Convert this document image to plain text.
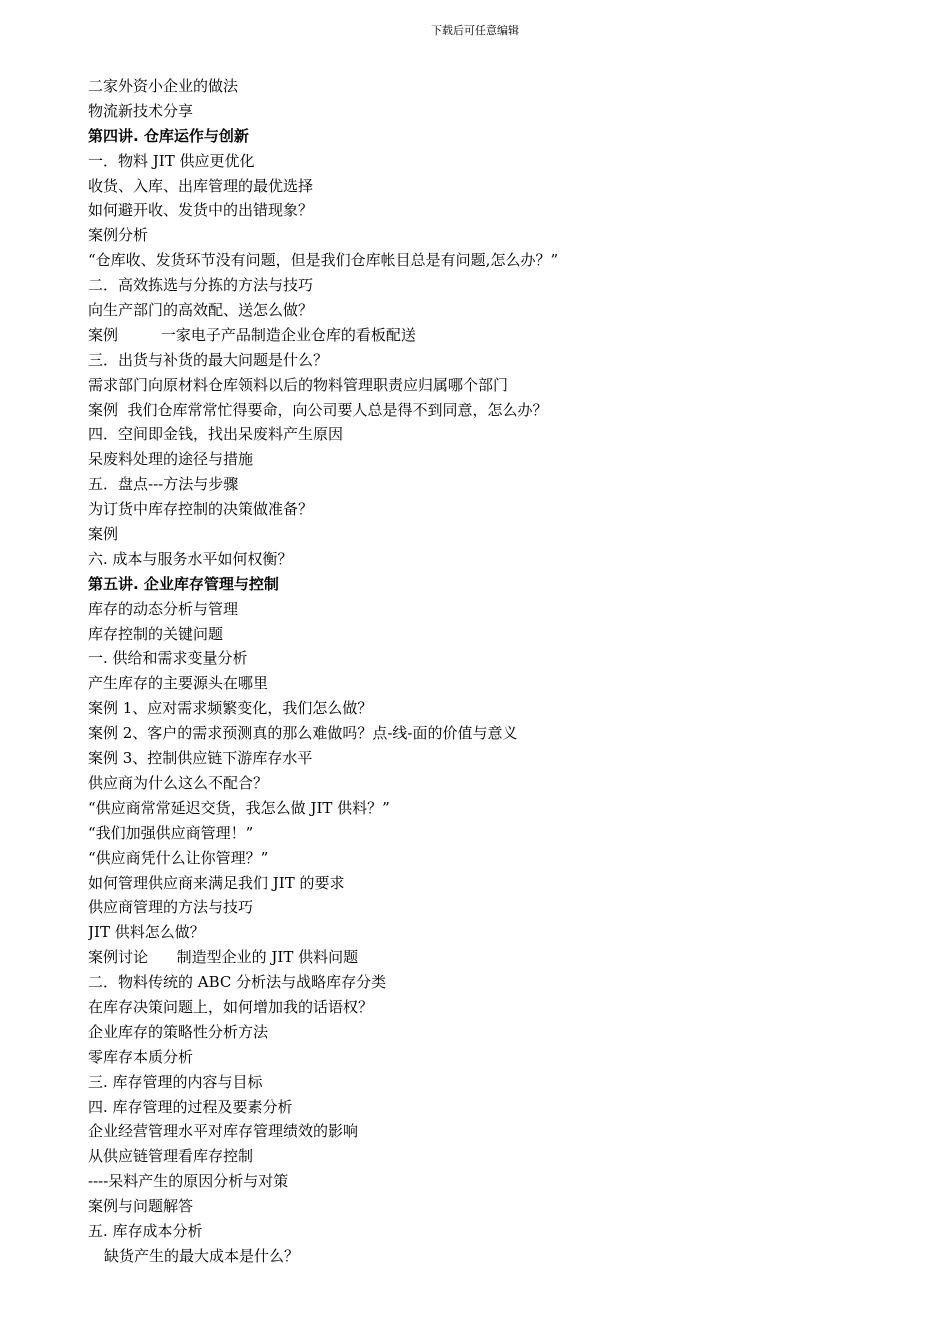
下载后可任意编辑
二家外资小企业的做法
物流新技术分享
第四讲. 仓库运作与创新
一．物料 JIT 供应更优化
收货、入库、出库管理的最优选择
如何避开收、发货中的出错现象？
案例分析
“仓库收、发货环节没有问题，但是我们仓库帐目总是有问题,怎么办？”
二．高效拣选与分拣的方法与技巧
向生产部门的高效配、送怎么做？
案例         一家电子产品制造企业仓库的看板配送
三．出货与补货的最大问题是什么？
需求部门向原材料仓库领料以后的物料管理职责应归属哪个部门
案例  我们仓库常常忙得要命，向公司要人总是得不到同意，怎么办？
四．空间即金钱，找出呆废料产生原因
呆废料处理的途径与措施
五．盘点---方法与步骤
为订货中库存控制的决策做准备？
案例
六. 成本与服务水平如何权衡？
第五讲. 企业库存管理与控制
库存的动态分析与管理
库存控制的关键问题
一. 供给和需求变量分析
产生库存的主要源头在哪里
案例 1、应对需求频繁变化，我们怎么做？
案例 2、客户的需求预测真的那么难做吗？点-线-面的价值与意义
案例 3、控制供应链下游库存水平
供应商为什么这么不配合？
“供应商常常延迟交货，我怎么做 JIT 供料？”
“我们加强供应商管理！”
“供应商凭什么让你管理？”
如何管理供应商来满足我们 JIT 的要求
供应商管理的方法与技巧
JIT 供料怎么做？
案例讨论      制造型企业的 JIT 供料问题
二．物料传统的 ABC 分析法与战略库存分类
在库存决策问题上，如何增加我的话语权？
企业库存的策略性分析方法
零库存本质分析
三. 库存管理的内容与目标
四. 库存管理的过程及要素分析
企业经营管理水平对库存管理绩效的影响
从供应链管理看库存控制
----呆料产生的原因分析与对策
案例与问题解答
五. 库存成本分析
缺货产生的最大成本是什么？
